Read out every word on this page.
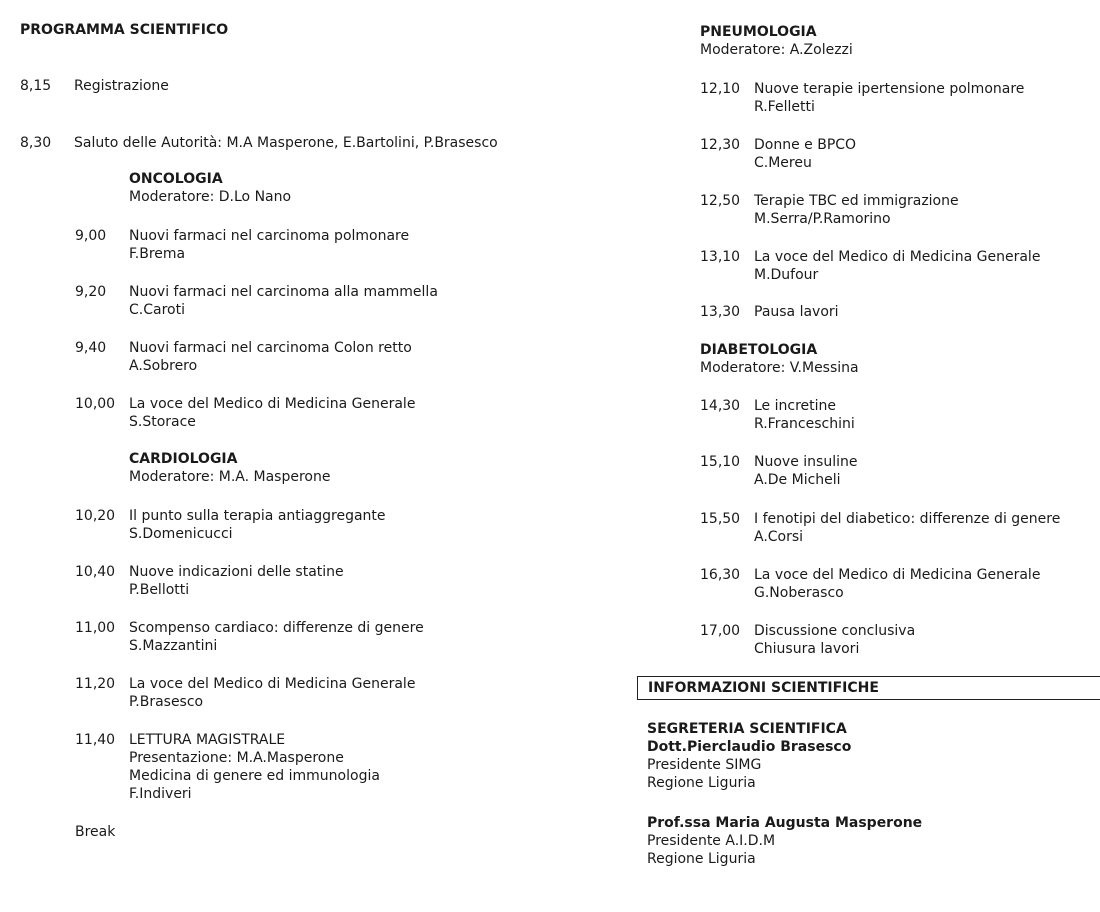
PROGRAMMA SCIENTIFICO
8,15 Registrazione
8,30 Saluto delle Autorità: M.A Masperone, E.Bartolini, P.Brasesco
ONCOLOGIA
Moderatore: D.Lo Nano
9,00 Nuovi farmaci nel carcinoma polmonare
F.Brema
9,20 Nuovi farmaci nel carcinoma alla mammella
C.Caroti
9,40 Nuovi farmaci nel carcinoma Colon retto
A.Sobrero
10,00 La voce del Medico di Medicina Generale
S.Storace
CARDIOLOGIA
Moderatore: M.A. Masperone
10,20 Il punto sulla terapia antiaggregante
S.Domenicucci
10,40 Nuove indicazioni delle statine
P.Bellotti
11,00 Scompenso cardiaco: differenze di genere
S.Mazzantini
11,20 La voce del Medico di Medicina Generale
P.Brasesco
11,40 LETTURA MAGISTRALE
Presentazione: M.A.Masperone
Medicina di genere ed immunologia
F.Indiveri
Break
PNEUMOLOGIA
Moderatore: A.Zolezzi
12,10 Nuove terapie ipertensione polmonare
R.Felletti
12,30 Donne e BPCO
C.Mereu
12,50 Terapie TBC ed immigrazione
M.Serra/P.Ramorino
13,10 La voce del Medico di Medicina Generale
M.Dufour
13,30 Pausa lavori
DIABETOLOGIA
Moderatore: V.Messina
14,30 Le incretine
R.Franceschini
15,10 Nuove insuline
A.De Micheli
15,50 I fenotipi del diabetico: differenze di genere
A.Corsi
16,30 La voce del Medico di Medicina Generale
G.Noberasco
17,00 Discussione conclusiva
Chiusura lavori
INFORMAZIONI SCIENTIFICHE
SEGRETERIA SCIENTIFICA
Dott.Pierclaudio Brasesco
Presidente SIMG
Regione Liguria
Prof.ssa Maria Augusta Masperone
Presidente A.I.D.M
Regione Liguria
